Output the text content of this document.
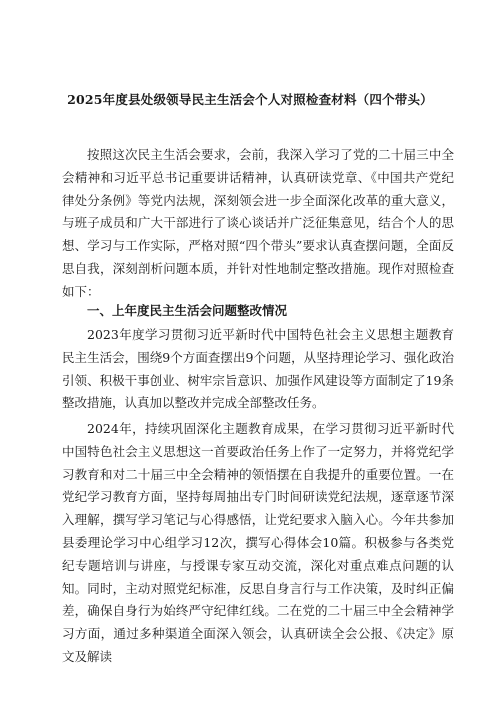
2025年度县处级领导民主生活会个人对照检查材料（四个带头）

按照这次民主生活会要求，会前，我深入学习了党的二十届三中全会精神和习近平总书记重要讲话精神，认真研读党章、《中国共产党纪律处分条例》等党内法规，深刻领会进一步全面深化改革的重大意义，与班子成员和广大干部进行了谈心谈话并广泛征集意见，结合个人的思想、学习与工作实际，严格对照“四个带头”要求认真查摆问题，全面反思自我，深刻剖析问题本质，并针对性地制定整改措施。现作对照检查如下：

一、上年度民主生活会问题整改情况

2023年度学习贯彻习近平新时代中国特色社会主义思想主题教育民主生活会，围绕9个方面查摆出9个问题，从坚持理论学习、强化政治引领、积极干事创业、树牢宗旨意识、加强作风建设等方面制定了19条整改措施，认真加以整改并完成全部整改任务。

2024年，持续巩固深化主题教育成果，在学习贯彻习近平新时代中国特色社会主义思想这一首要政治任务上作了一定努力，并将党纪学习教育和对二十届三中全会精神的领悟摆在自我提升的重要位置。一在党纪学习教育方面，坚持每周抽出专门时间研读党纪法规，逐章逐节深入理解，撰写学习笔记与心得感悟，让党纪要求入脑入心。今年共参加县委理论学习中心组学习12次，撰写心得体会10篇。积极参与各类党纪专题培训与讲座，与授课专家互动交流，深化对重点难点问题的认知。同时，主动对照党纪标准，反思自身言行与工作决策，及时纠正偏差，确保自身行为始终严守纪律红线。二在党的二十届三中全会精神学习方面，通过多种渠道全面深入领会，认真研读全会公报、《决定》原文及解读
